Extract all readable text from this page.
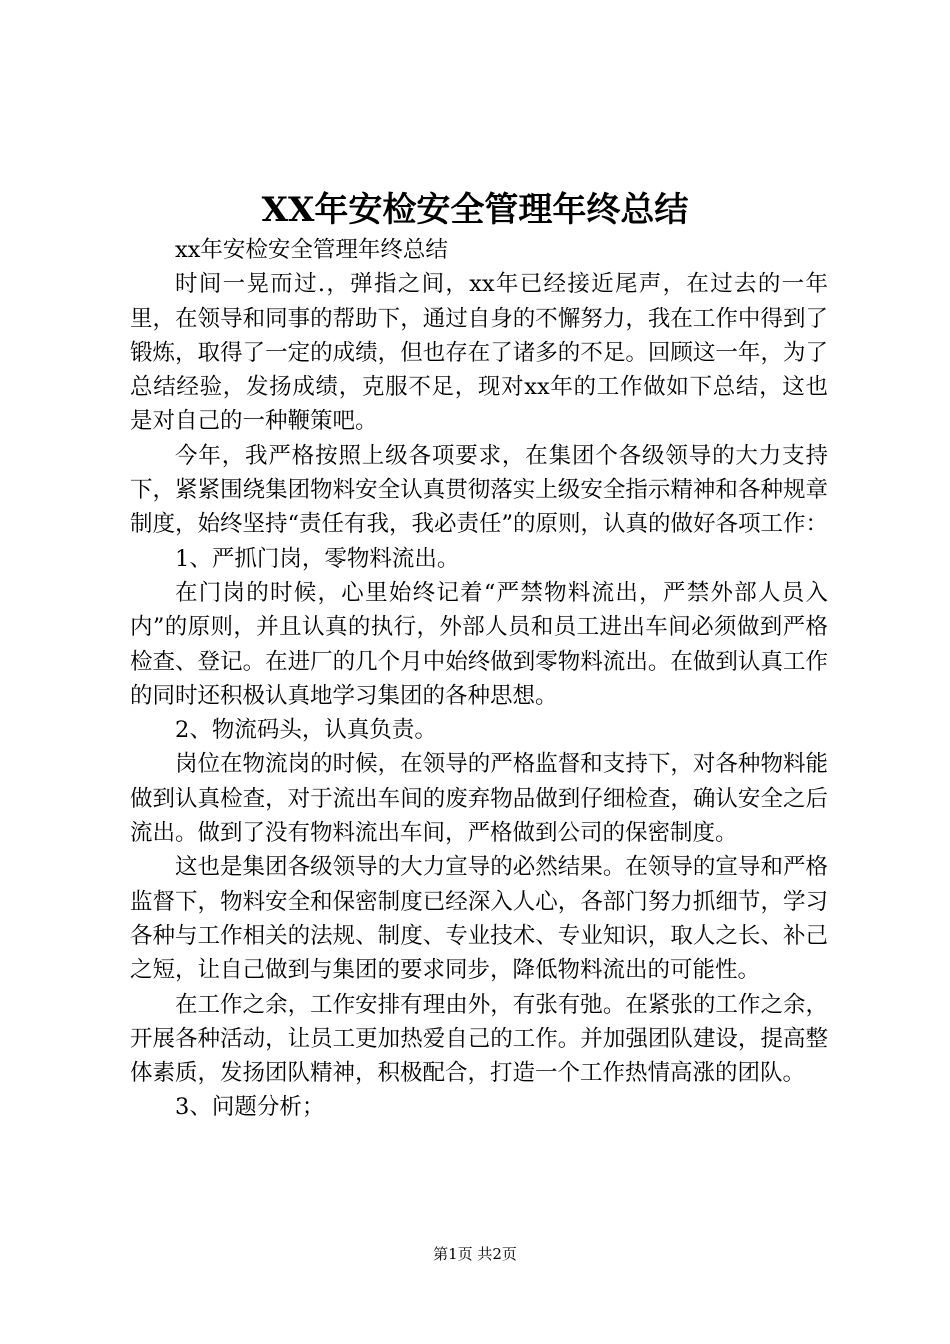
XX年安检安全管理年终总结

xx年安检安全管理年终总结

时间一晃而过.，弹指之间，xx年已经接近尾声，在过去的一年里，在领导和同事的帮助下，通过自身的不懈努力，我在工作中得到了锻炼，取得了一定的成绩，但也存在了诸多的不足。回顾这一年，为了总结经验，发扬成绩，克服不足，现对xx年的工作做如下总结，这也是对自己的一种鞭策吧。

今年，我严格按照上级各项要求，在集团个各级领导的大力支持下，紧紧围绕集团物料安全认真贯彻落实上级安全指示精神和各种规章制度，始终坚持“责任有我，我必责任”的原则，认真的做好各项工作：

1、严抓门岗，零物料流出。

在门岗的时候，心里始终记着“严禁物料流出，严禁外部人员入内”的原则，并且认真的执行，外部人员和员工进出车间必须做到严格检查、登记。在进厂的几个月中始终做到零物料流出。在做到认真工作的同时还积极认真地学习集团的各种思想。

2、物流码头，认真负责。

岗位在物流岗的时候，在领导的严格监督和支持下，对各种物料能做到认真检查，对于流出车间的废弃物品做到仔细检查，确认安全之后流出。做到了没有物料流出车间，严格做到公司的保密制度。

这也是集团各级领导的大力宣导的必然结果。在领导的宣导和严格监督下，物料安全和保密制度已经深入人心，各部门努力抓细节，学习各种与工作相关的法规、制度、专业技术、专业知识，取人之长、补己之短，让自己做到与集团的要求同步，降低物料流出的可能性。

在工作之余，工作安排有理由外，有张有弛。在紧张的工作之余，开展各种活动，让员工更加热爱自己的工作。并加强团队建设，提高整体素质，发扬团队精神，积极配合，打造一个工作热情高涨的团队。

3、问题分析；

第1页 共2页
